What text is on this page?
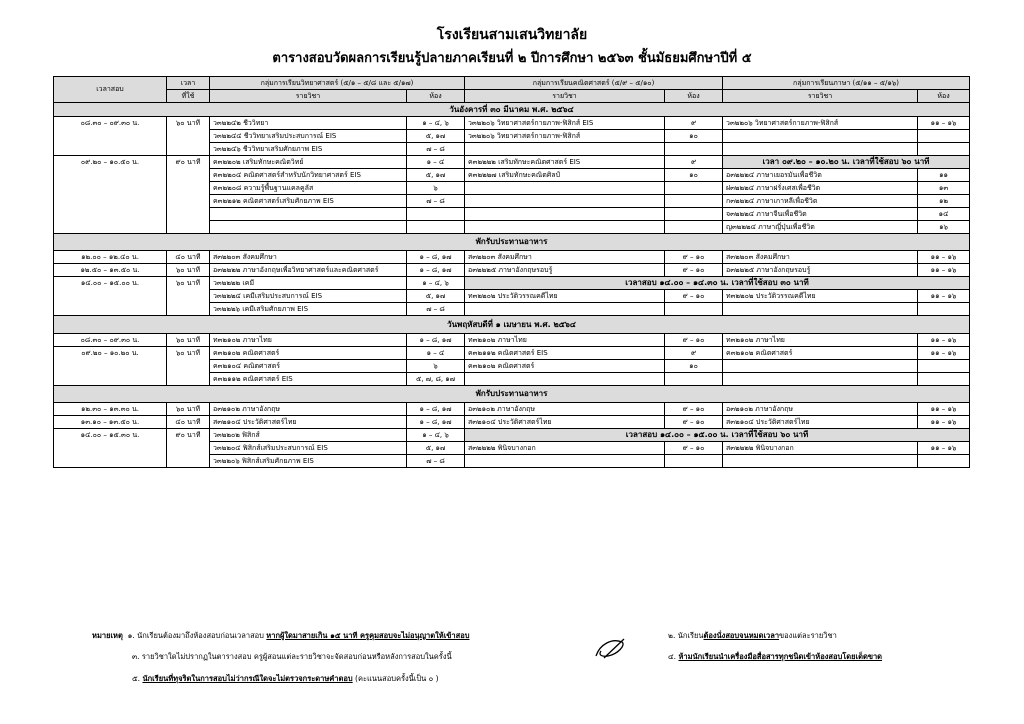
โรงเรียนสามเสนวิทยาลัย
ตารางสอบวัดผลการเรียนรู้ปลายภาคเรียนที่ ๒ ปีการศึกษา ๒๕๖๓ ชั้นมัธยมศึกษาปีที่ ๕
เวลาสอบ	เวลา	กลุ่มการเรียนวิทยาศาสตร์ (๕/๑ – ๕/๘ และ ๕/๑๗)		กลุ่มการเรียนคณิตศาสตร์ (๕/๙ – ๕/๑๐)		กลุ่มการเรียนภาษา (๕/๑๑ – ๕/๑๖)	
	ที่ใช้	รายวิชา	ห้อง	รายวิชา	ห้อง	รายวิชา	ห้อง
วันอังคารที่ ๓๐ มีนาคม พ.ศ. ๒๕๖๔							
๐๘.๓๐ – ๐๙.๓๐ น.	๖๐ นาที	ว๓๒๒๔๒ ชีววิทยา	๑ – ๔, ๖	ว๓๒๒๐๖ วิทยาศาสตร์กายภาพ-ฟิสิกส์ EIS	๙	ว๓๒๒๐๖ วิทยาศาสตร์กายภาพ-ฟิสิกส์	๑๑ – ๑๖
		ว๓๒๒๔๔ ชีววิทยาเสริมประสบการณ์ EIS	๕, ๑๗	ว๓๒๒๐๖ วิทยาศาสตร์กายภาพ-ฟิสิกส์	๑๐		
		ว๓๒๒๔๖ ชีววิทยาเสริมศักยภาพ EIS	๗ – ๘				
๐๙.๒๐ – ๑๐.๕๐ น.	๙๐ นาที	ค๓๒๒๐๒ เสริมทักษะคณิตวิทย์	๑ – ๔	ค๓๒๒๒๒ เสริมทักษะคณิตศาสตร์ EIS	๙	เวลา ๐๙.๒๐ – ๑๐.๒๐ น. เวลาที่ใช้สอบ ๖๐ นาที	
		ค๓๒๒๐๔ คณิตศาสตร์สำหรับนักวิทยาศาสตร์ EIS	๕, ๑๗	ค๓๒๒๒๗ เสริมทักษะคณิตศิลป์	๑๐	อ๓๒๒๒๔ ภาษาเยอรมันเพื่อชีวิต	๑๑
		ค๓๒๒๐๘ ความรู้พื้นฐานแคลคูลัส	๖			ฝ๓๒๒๒๔ ภาษาฝรั่งเศสเพื่อชีวิต	๑๓
		ค๓๒๒๑๒ คณิตศาสตร์เสริมศักยภาพ EIS	๗ – ๘			ก๓๒๒๒๔ ภาษาเกาหลีเพื่อชีวิต	๑๒
						จ๓๒๒๒๔ ภาษาจีนเพื่อชีวิต	๑๔
						ญ๓๒๒๒๔ ภาษาญี่ปุ่นเพื่อชีวิต	๑๖
พักรับประทานอาหาร							
๑๒.๐๐ – ๑๒.๔๐ น.	๔๐ นาที	ส๓๒๒๐๓ สังคมศึกษา	๑ – ๘, ๑๗	ส๓๒๒๐๓ สังคมศึกษา	๙ – ๑๐	ส๓๒๒๐๓ สังคมศึกษา	๑๑ – ๑๖
๑๒.๕๐ – ๑๓.๕๐ น.	๖๐ นาที	อ๓๒๒๒๒ ภาษาอังกฤษเพื่อวิทยาศาสตร์และคณิตศาสตร์	๑ – ๘, ๑๗	อ๓๒๒๒๕ ภาษาอังกฤษรอบรู้	๙ – ๑๐	อ๓๒๒๒๕ ภาษาอังกฤษรอบรู้	๑๑ – ๑๖
๑๔.๐๐ – ๑๕.๐๐ น.	๖๐ นาที	ว๓๒๒๒๒ เคมี	๑ – ๔, ๖	เวลาสอบ ๑๔.๐๐ – ๑๔.๓๐ น. เวลาที่ใช้สอบ ๓๐ นาที			
		ว๓๒๒๒๔ เคมีเสริมประสบการณ์ EIS	๕, ๑๗	ท๓๒๒๐๒ ประวัติวรรณคดีไทย	๙ – ๑๐	ท๓๒๒๐๒ ประวัติวรรณคดีไทย	๑๑ – ๑๖
		ว๓๒๒๒๖ เคมีเสริมศักยภาพ EIS	๗ – ๘				
วันพฤหัสบดีที่ ๑ เมษายน พ.ศ. ๒๕๖๔							
๐๘.๓๐ – ๐๙.๓๐ น.	๖๐ นาที	ท๓๒๑๐๒ ภาษาไทย	๑ – ๘, ๑๗	ท๓๒๑๐๒ ภาษาไทย	๙ – ๑๐	ท๓๒๑๐๒ ภาษาไทย	๑๑ – ๑๖
๐๙.๒๐ – ๑๐.๒๐ น.	๖๐ นาที	ค๓๒๑๐๒ คณิตศาสตร์	๑ – ๔	ค๓๒๑๑๒ คณิตศาสตร์ EIS	๙	ค๓๒๑๐๒ คณิตศาสตร์	๑๑ – ๑๖
		ค๓๒๑๐๔ คณิตศาสตร์	๖	ค๓๒๑๐๒ คณิตศาสตร์	๑๐		
		ค๓๒๑๑๒ คณิตศาสตร์ EIS	๕, ๗, ๘, ๑๗				
พักรับประทานอาหาร							
๑๒.๓๐ – ๑๓.๓๐ น.	๖๐ นาที	อ๓๒๑๐๒ ภาษาอังกฤษ	๑ – ๘, ๑๗	อ๓๒๑๐๒ ภาษาอังกฤษ	๙ – ๑๐	อ๓๒๑๐๒ ภาษาอังกฤษ	๑๑ – ๑๖
๑๓.๑๐ – ๑๓.๕๐ น.	๔๐ นาที	ส๓๒๑๐๔ ประวัติศาสตร์ไทย	๑ – ๘, ๑๗	ส๓๒๑๐๔ ประวัติศาสตร์ไทย	๙ – ๑๐	ส๓๒๑๐๔ ประวัติศาสตร์ไทย	๑๑ – ๑๖
๑๔.๐๐ – ๑๕.๓๐ น.	๙๐ นาที	ว๓๒๒๐๒ ฟิสิกส์	๑ – ๔, ๖	เวลาสอบ ๑๔.๐๐ – ๑๕.๐๐ น. เวลาที่ใช้สอบ ๖๐ นาที			
		ว๓๒๒๐๔ ฟิสิกส์เสริมประสบการณ์ EIS	๕, ๑๗	ส๓๒๒๒๒ พินิจบางกอก	๙ – ๑๐	ส๓๒๒๒๒ พินิจบางกอก	๑๑ – ๑๖
		ว๓๒๒๐๖ ฟิสิกส์เสริมศักยภาพ EIS	๗ – ๘				
หมายเหตุ ๑. นักเรียนต้องมาถึงห้องสอบก่อนเวลาสอบ หากผู้ใดมาสายเกิน ๑๕ นาที ครูคุมสอบจะไม่อนุญาตให้เข้าสอบ	๒. นักเรียนต้องนั่งสอบจนหมดเวลาของแต่ละรายวิชา
๓. รายวิชาใดไม่ปรากฏในตารางสอบ ครูผู้สอนแต่ละรายวิชาจะจัดสอบก่อนหรือหลังการสอบในครั้งนี้	๔. ห้ามนักเรียนนำเครื่องมือสื่อสารทุกชนิดเข้าห้องสอบโดยเด็ดขาด
๕. นักเรียนที่ทุจริตในการสอบไม่ว่ากรณีใดจะไม่ตรวจกระดาษคำตอบ (คะแนนสอบครั้งนี้เป็น ๐ )
